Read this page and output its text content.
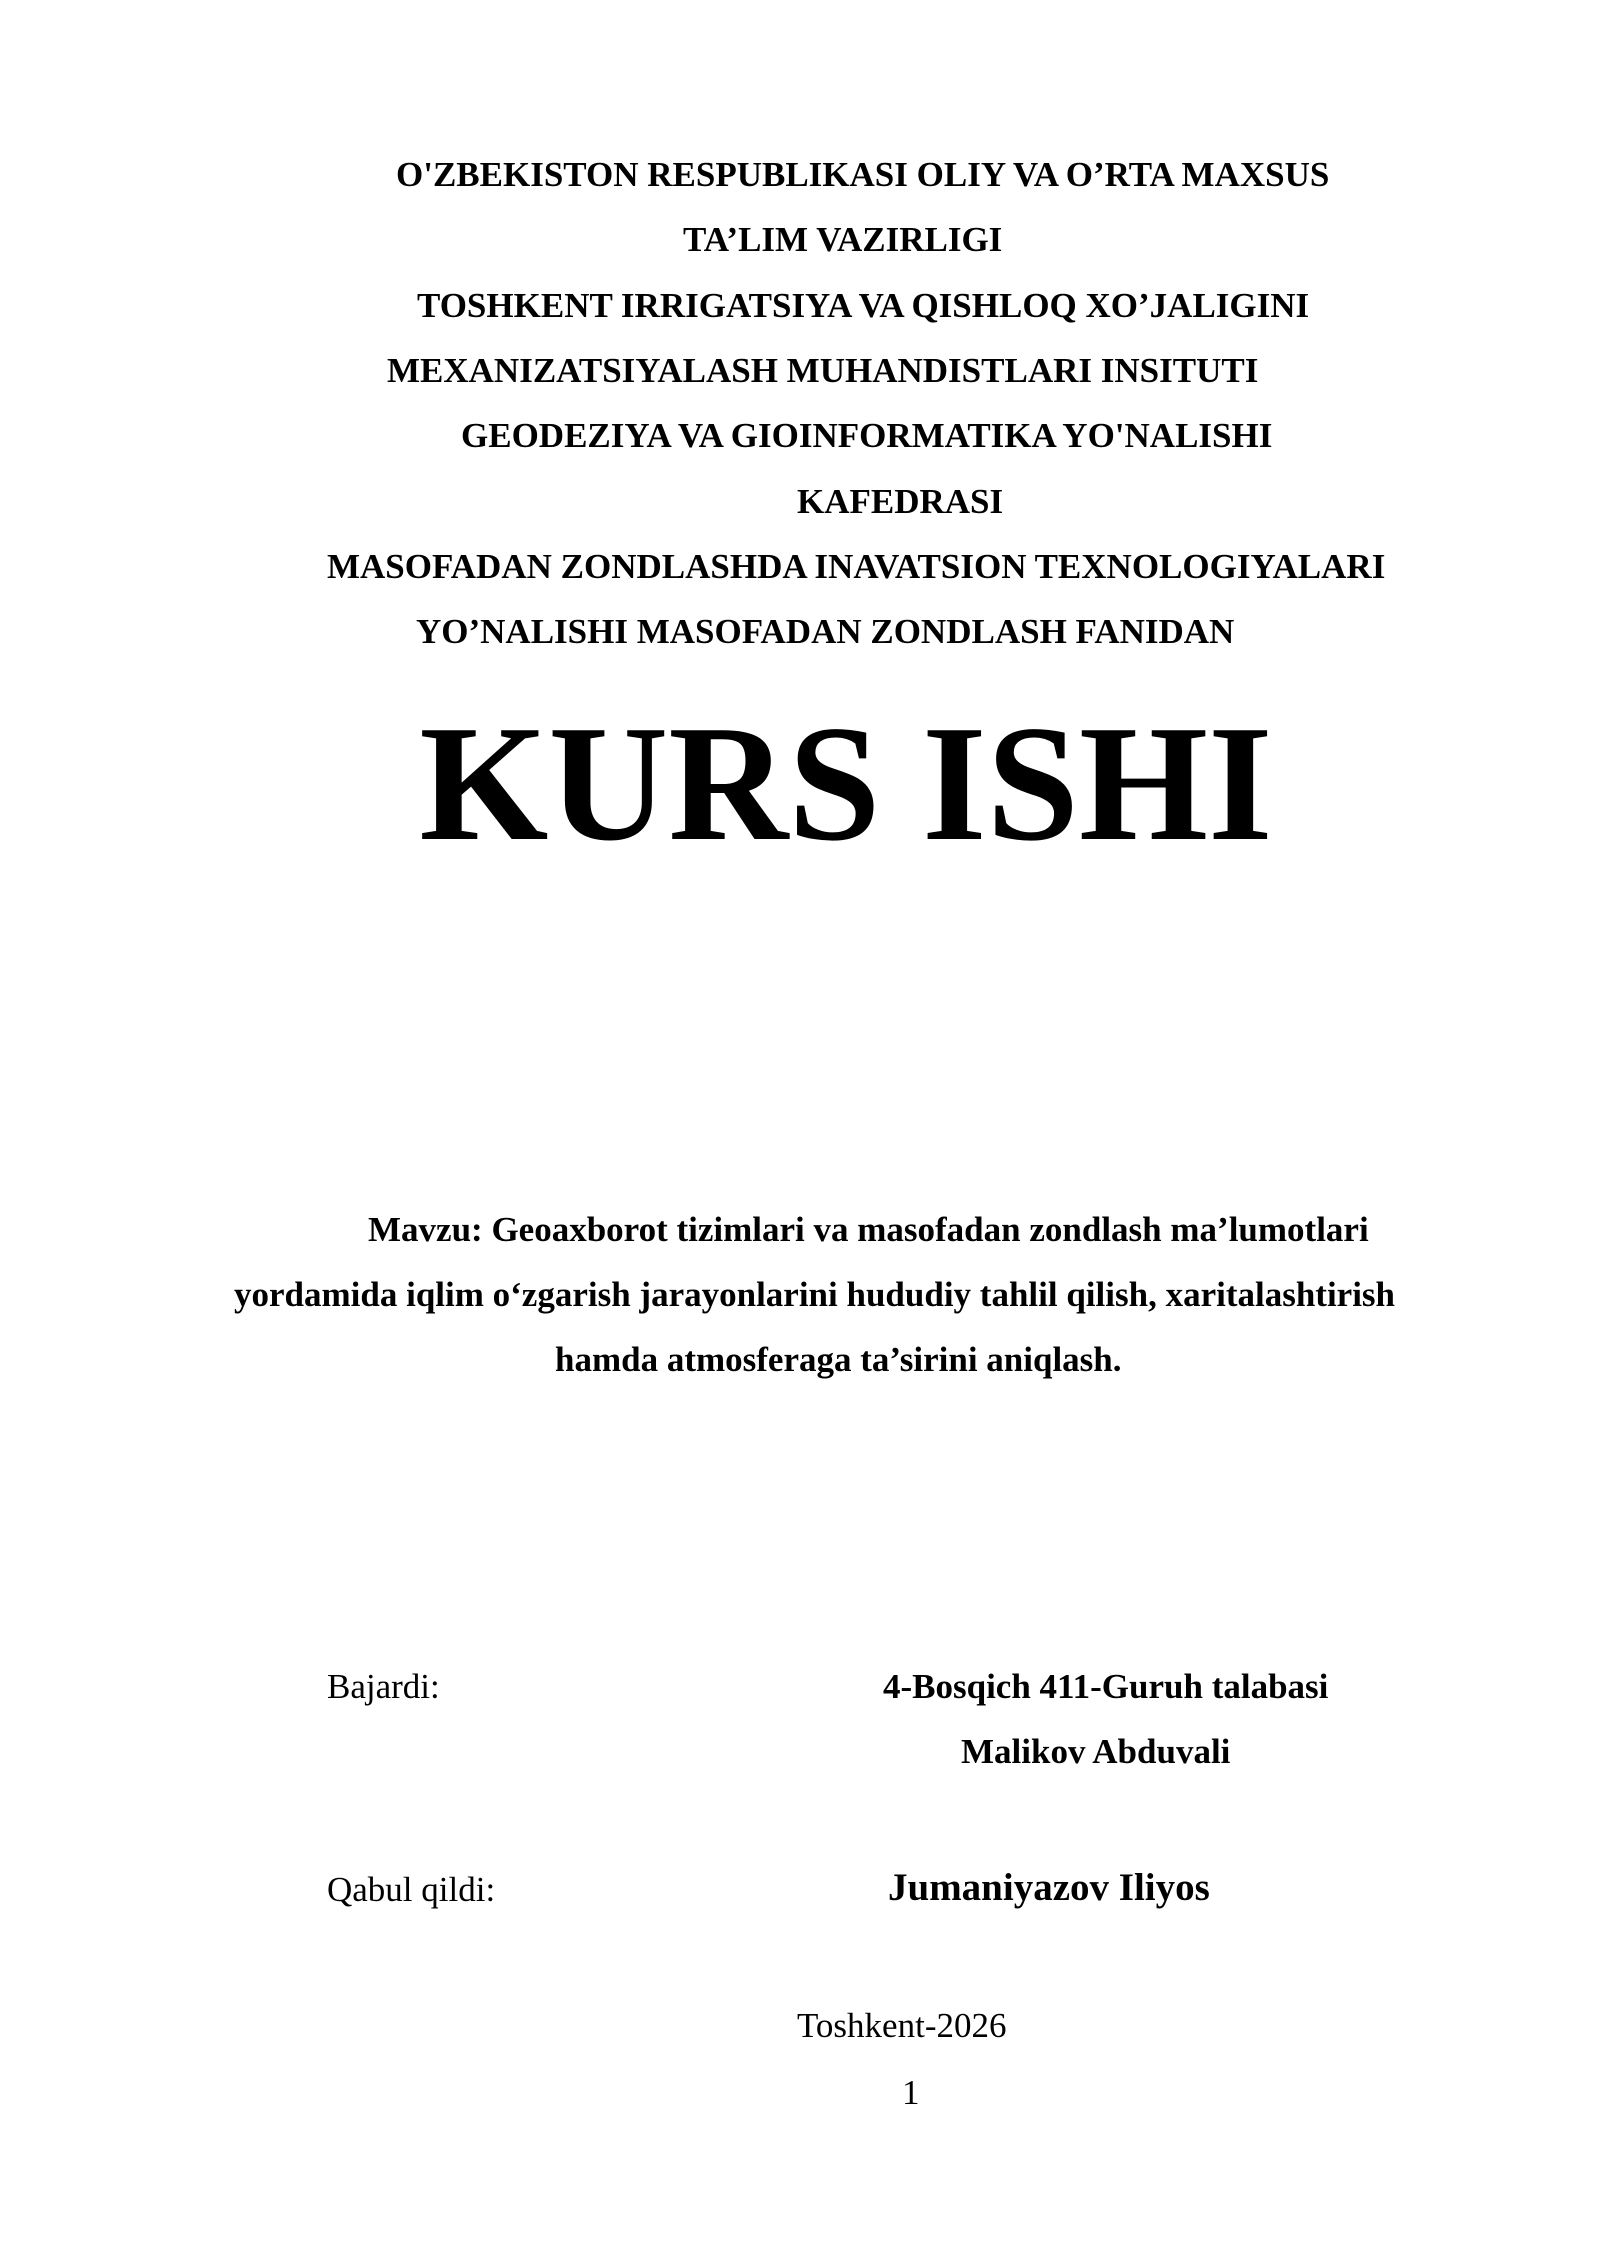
O'ZBEKISTON RESPUBLIKASI OLIY VA O’RTA MAXSUS
TA’LIM VAZIRLIGI
TOSHKENT IRRIGATSIYA VA QISHLOQ XO’JALIGINI
MEXANIZATSIYALASH MUHANDISTLARI INSITUTI
GEODEZIYA VA GIOINFORMATIKA YO'NALISHI
KAFEDRASI
MASOFADAN ZONDLASHDA INAVATSION TEXNOLOGIYALARI
YO’NALISHI MASOFADAN ZONDLASH FANIDAN
KURS ISHI
Mavzu: Geoaxborot tizimlari va masofadan zondlash ma’lumotlari
yordamida iqlim o‘zgarish jarayonlarini hududiy tahlil qilish, xaritalashtirish
hamda atmosferaga ta’sirini aniqlash.
Bajardi:	4-Bosqich 411-Guruh talabasi
Malikov Abduvali
Qabul qildi:	Jumaniyazov Iliyos
Toshkent-2026
1
